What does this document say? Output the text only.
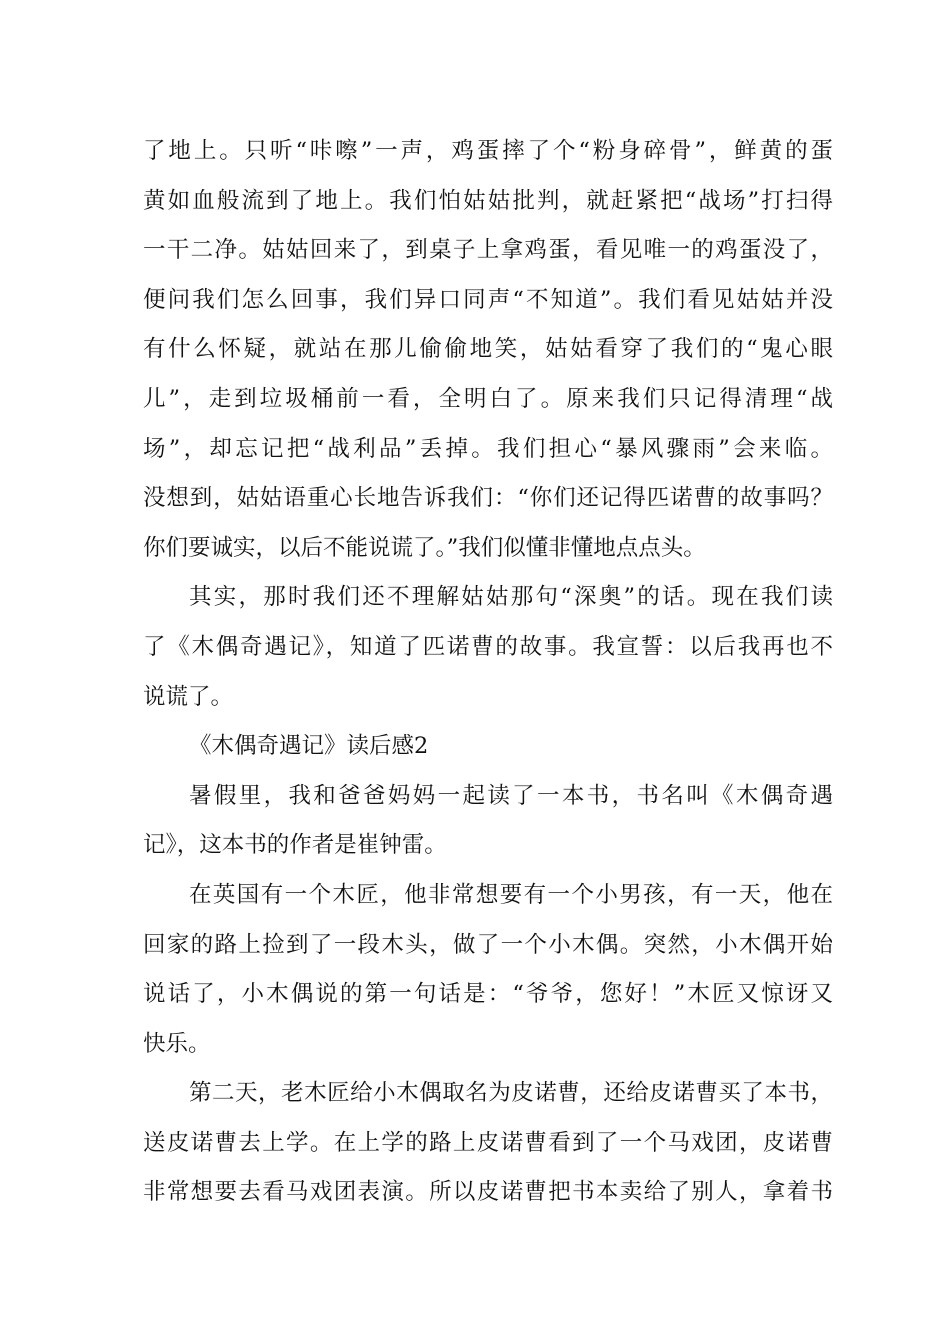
了地上。只听“咔嚓”一声，鸡蛋摔了个“粉身碎骨”，鲜黄的蛋
黄如血般流到了地上。我们怕姑姑批判，就赶紧把“战场”打扫得
一干二净。姑姑回来了，到桌子上拿鸡蛋，看见唯一的鸡蛋没了，
便问我们怎么回事，我们异口同声“不知道”。我们看见姑姑并没
有什么怀疑，就站在那儿偷偷地笑，姑姑看穿了我们的“鬼心眼
儿”，走到垃圾桶前一看，全明白了。原来我们只记得清理“战
场”，却忘记把“战利品”丢掉。我们担心“暴风骤雨”会来临。
没想到，姑姑语重心长地告诉我们：“你们还记得匹诺曹的故事吗？
你们要诚实，以后不能说谎了。”我们似懂非懂地点点头。
其实，那时我们还不理解姑姑那句“深奥”的话。现在我们读
了《木偶奇遇记》，知道了匹诺曹的故事。我宣誓：以后我再也不
说谎了。
《木偶奇遇记》读后感2
暑假里，我和爸爸妈妈一起读了一本书，书名叫《木偶奇遇
记》，这本书的作者是崔钟雷。
在英国有一个木匠，他非常想要有一个小男孩，有一天，他在
回家的路上捡到了一段木头，做了一个小木偶。突然，小木偶开始
说话了，小木偶说的第一句话是：“爷爷，您好！”木匠又惊讶又
快乐。
第二天，老木匠给小木偶取名为皮诺曹，还给皮诺曹买了本书，
送皮诺曹去上学。在上学的路上皮诺曹看到了一个马戏团，皮诺曹
非常想要去看马戏团表演。所以皮诺曹把书本卖给了别人，拿着书
